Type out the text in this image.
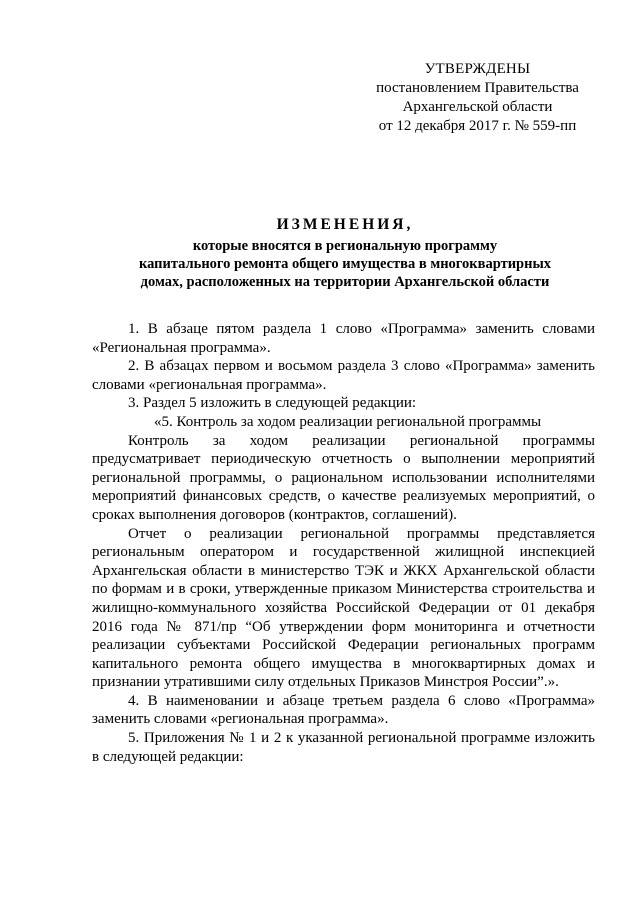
УТВЕРЖДЕНЫ
постановлением Правительства
Архангельской области
от 12 декабря 2017 г. № 559-пп
ИЗМЕНЕНИЯ,
которые вносятся в региональную программу
капитального ремонта общего имущества в многоквартирных
домах, расположенных на территории Архангельской области

1. В абзаце пятом раздела 1 слово «Программа» заменить словами «Региональная программа».

2. В абзацах первом и восьмом раздела 3 слово «Программа» заменить словами «региональная программа».

3. Раздел 5 изложить в следующей редакции:

«5. Контроль за ходом реализации региональной программы

Контроль за ходом реализации региональной программы предусматривает периодическую отчетность о выполнении мероприятий региональной программы, о рациональном использовании исполнителями мероприятий финансовых средств, о качестве реализуемых мероприятий, о сроках выполнения договоров (контрактов, соглашений).

Отчет о реализации региональной программы представляется региональным оператором и государственной жилищной инспекцией Архангельская области в министерство ТЭК и ЖКХ Архангельской области по формам и в сроки, утвержденные приказом Министерства строительства и жилищно-коммунального хозяйства Российской Федерации от 01 декабря 2016 года № 871/пр “Об утверждении форм мониторинга и отчетности реализации субъектами Российской Федерации региональных программ капитального ремонта общего имущества в многоквартирных домах и признании утратившими силу отдельных Приказов Минстроя России”.».

4. В наименовании и абзаце третьем раздела 6 слово «Программа» заменить словами «региональная программа».

5. Приложения № 1 и 2 к указанной региональной программе изложить в следующей редакции:
